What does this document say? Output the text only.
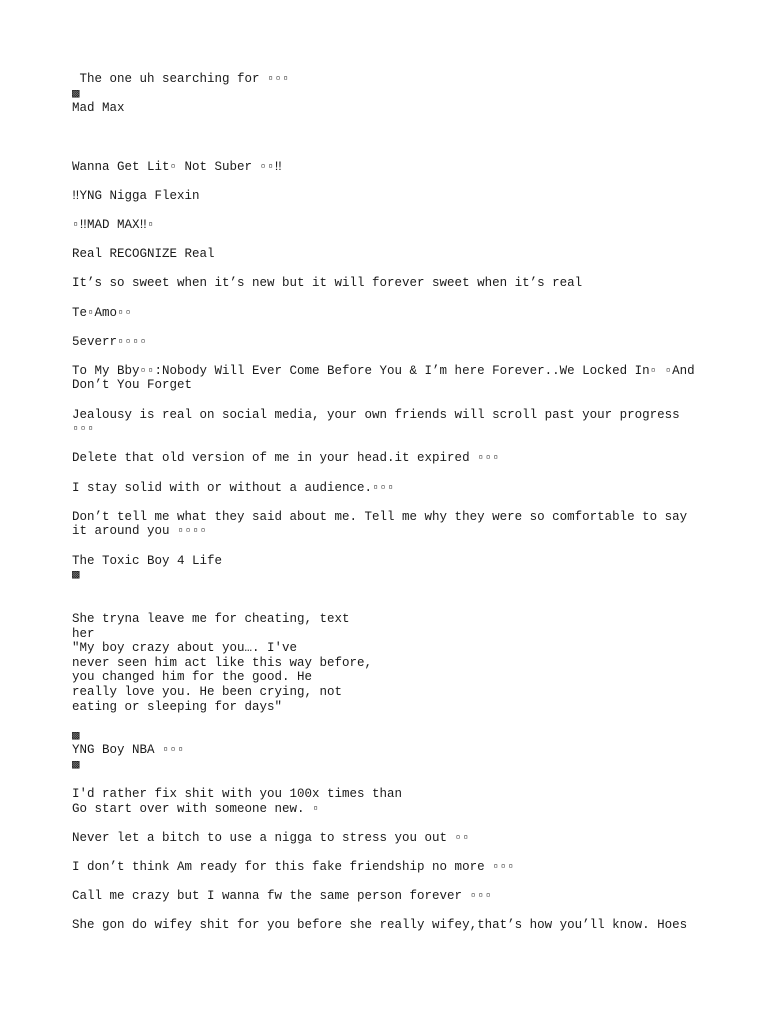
The one uh searching for ▫▫▫

▩

Mad Max

Wanna Get Lit▫ Not Suber ▫▫‼

‼YNG Nigga Flexin

▫‼MAD MAX‼▫

Real RECOGNIZE Real

It’s so sweet when it’s new but it will forever sweet when it’s real

Te▫Amo▫▫

5everr▫▫▫▫

To My Bby▫▫:Nobody Will Ever Come Before You & I’m here Forever..We Locked In▫ ▫And

Don’t You Forget

Jealousy is real on social media, your own friends will scroll past your progress

▫▫▫

Delete that old version of me in your head.it expired ▫▫▫

I stay solid with or without a audience.▫▫▫

Don’t tell me what they said about me. Tell me why they were so comfortable to say

it around you ▫▫▫▫

The Toxic Boy 4 Life

▩

She tryna leave me for cheating, text

her

"My boy crazy about you…. I've

never seen him act like this way before,

you changed him for the good. He

really love you. He been crying, not

eating or sleeping for days"

▩

YNG Boy NBA ▫▫▫

▩

I'd rather fix shit with you 100x times than

Go start over with someone new. ▫

Never let a bitch to use a nigga to stress you out ▫▫

I don’t think Am ready for this fake friendship no more ▫▫▫

Call me crazy but I wanna fw the same person forever ▫▫▫

She gon do wifey shit for you before she really wifey,that’s how you’ll know. Hoes
